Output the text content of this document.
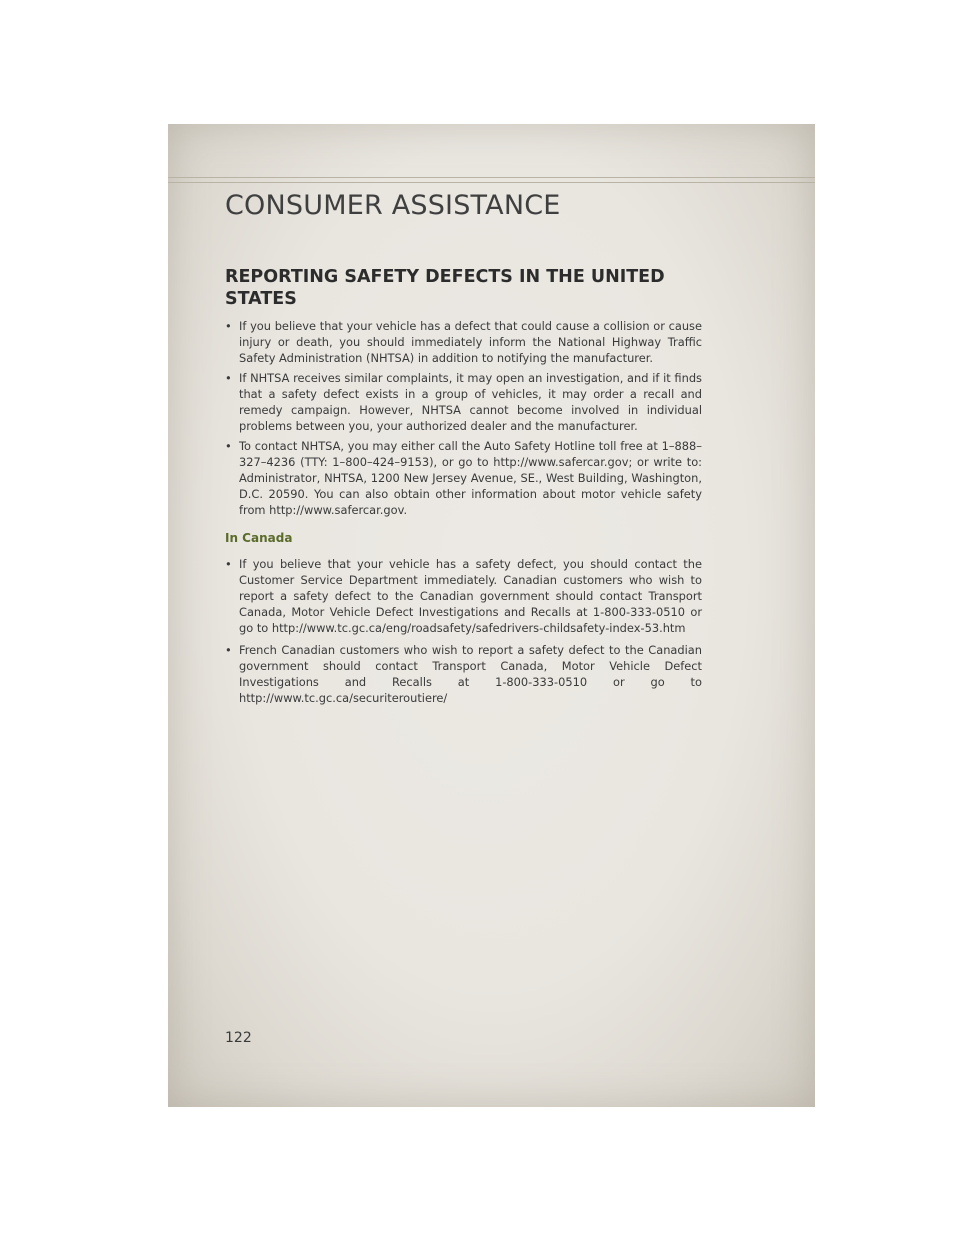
CONSUMER ASSISTANCE
REPORTING SAFETY DEFECTS IN THE UNITED STATES
• If you believe that your vehicle has a defect that could cause a collision or cause injury or death, you should immediately inform the National Highway Traffic Safety Administration (NHTSA) in addition to notifying the manufacturer.
• If NHTSA receives similar complaints, it may open an investigation, and if it finds that a safety defect exists in a group of vehicles, it may order a recall and remedy campaign. However, NHTSA cannot become involved in individual problems between you, your authorized dealer and the manufacturer.
• To contact NHTSA, you may either call the Auto Safety Hotline toll free at 1–888–327–4236 (TTY: 1–800–424–9153), or go to http://www.safercar.gov; or write to: Administrator, NHTSA, 1200 New Jersey Avenue, SE., West Building, Washington, D.C. 20590. You can also obtain other information about motor vehicle safety from http://www.safercar.gov.
In Canada
• If you believe that your vehicle has a safety defect, you should contact the Customer Service Department immediately. Canadian customers who wish to report a safety defect to the Canadian government should contact Transport Canada, Motor Vehicle Defect Investigations and Recalls at 1-800-333-0510 or go to http://www.tc.gc.ca/eng/roadsafety/safedrivers-childsafety-index-53.htm
• French Canadian customers who wish to report a safety defect to the Canadian government should contact Transport Canada, Motor Vehicle Defect Investigations and Recalls at 1-800-333-0510 or go to http://www.tc.gc.ca/securiteroutiere/
122
